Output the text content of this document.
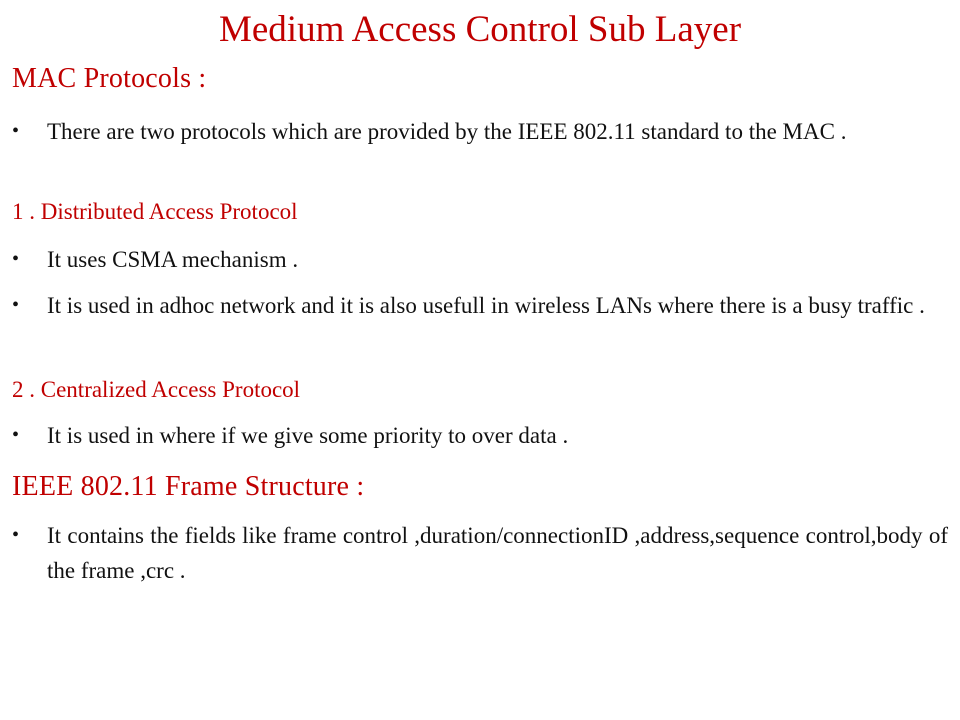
Medium Access Control Sub Layer
MAC Protocols :
•	There are two protocols which are provided by the IEEE 802.11 standard to the MAC .
1 . Distributed Access Protocol
•	It uses CSMA mechanism .
•	It is used in adhoc network and it is also usefull in wireless LANs where there is a busy traffic .
2 . Centralized Access Protocol
•	It is used in where if we give some priority to over data .
IEEE 802.11 Frame Structure :
•	It contains the fields like frame control ,duration/connectionID ,address,sequence control,body of the frame ,crc .
